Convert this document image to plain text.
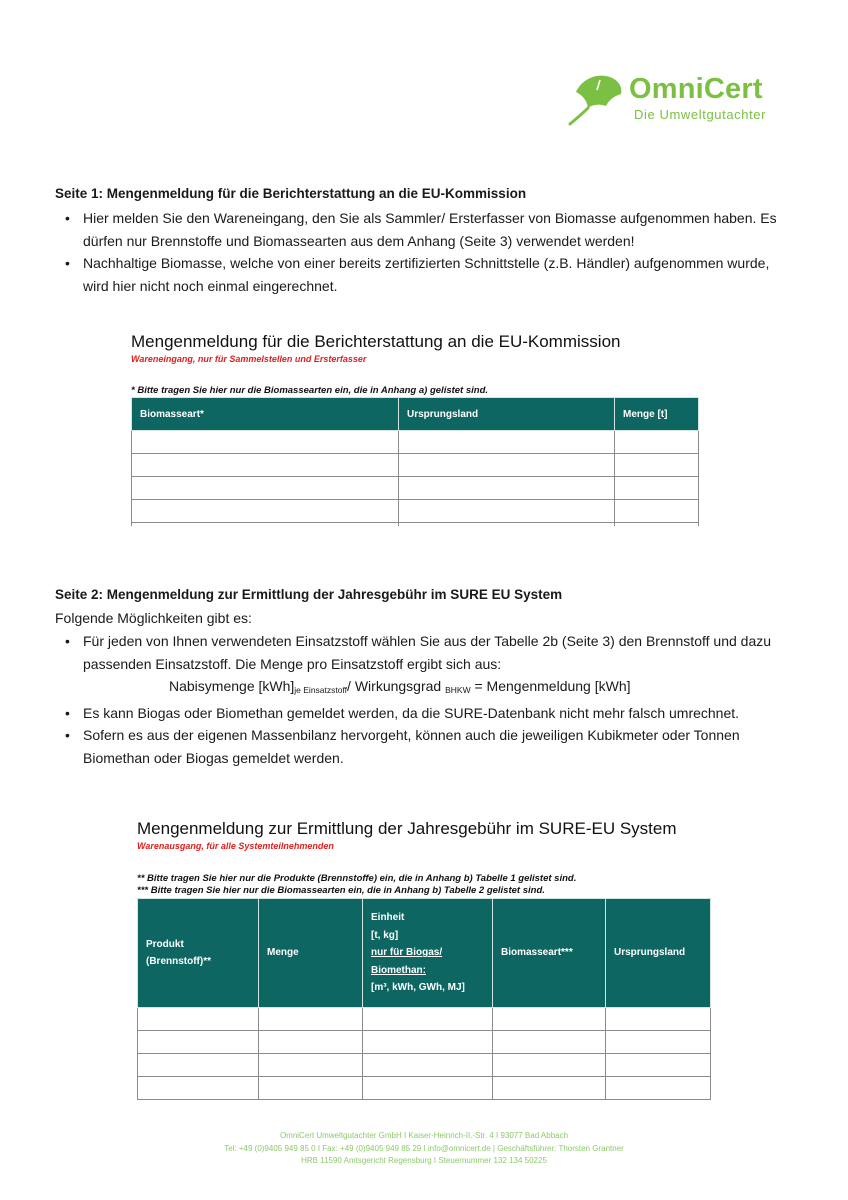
OmniCert
Die Umweltgutachter
Seite 1: Mengenmeldung für die Berichterstattung an die EU-Kommission
• Hier melden Sie den Wareneingang, den Sie als Sammler/ Ersterfasser von Biomasse aufgenommen haben. Es dürfen nur Brennstoffe und Biomassearten aus dem Anhang (Seite 3) verwendet werden!
• Nachhaltige Biomasse, welche von einer bereits zertifizierten Schnittstelle (z.B. Händler) aufgenommen wurde, wird hier nicht noch einmal eingerechnet.
Mengenmeldung für die Berichterstattung an die EU-Kommission
Wareneingang, nur für Sammelstellen und Ersterfasser
* Bitte tragen Sie hier nur die Biomassearten ein, die in Anhang a) gelistet sind.
Biomasseart*	Ursprungsland	Menge [t]

Seite 2: Mengenmeldung zur Ermittlung der Jahresgebühr im SURE EU System
Folgende Möglichkeiten gibt es:
• Für jeden von Ihnen verwendeten Einsatzstoff wählen Sie aus der Tabelle 2b (Seite 3) den Brennstoff und dazu passenden Einsatzstoff. Die Menge pro Einsatzstoff ergibt sich aus:
Nabisymenge $[kWh]_{je Einsatzstoff}/$ Wirkungsgrad $_{BHKW}$ = Mengenmeldung [kWh]
• Es kann Biogas oder Biomethan gemeldet werden, da die SURE-Datenbank nicht mehr falsch umrechnet.
• Sofern es aus der eigenen Massenbilanz hervorgeht, können auch die jeweiligen Kubikmeter oder Tonnen Biomethan oder Biogas gemeldet werden.
Mengenmeldung zur Ermittlung der Jahresgebühr im SURE-EU System
Warenausgang, für alle Systemteilnehmenden
** Bitte tragen Sie hier nur die Produkte (Brennstoffe) ein, die in Anhang b) Tabelle 1 gelistet sind.
*** Bitte tragen Sie hier nur die Biomassearten ein, die in Anhang b) Tabelle 2 gelistet sind.
Produkt
(Brennstoff)**	Menge	Einheit
[t, kg]
nur für Biogas/
Biomethan:
[m³, kWh, GWh, MJ]	Biomasseart***	Ursprungsland

OmniCert Umweltgutachter GmbH I Kaiser-Heinrich-II.-Str. 4 I 93077 Bad Abbach
Tel: +49 (0)9405 949 85 0 I Fax: +49 (0)9405 949 85 29 I info@omnicert.de | Geschäftsführer: Thorsten Grantner
HRB 11590 Amtsgericht Regensburg I Steuernummer 132 134 50225
